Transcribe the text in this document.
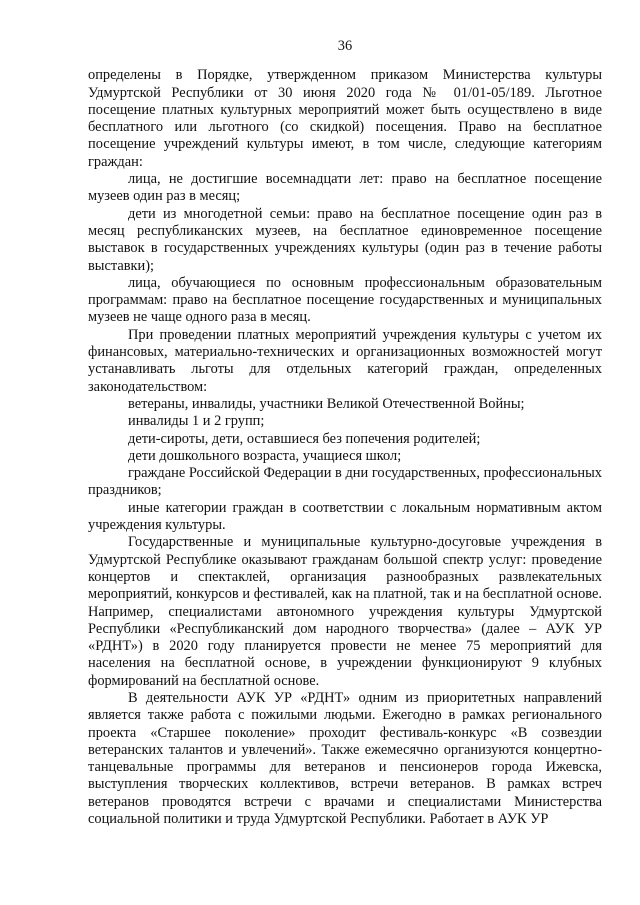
36

определены в Порядке, утвержденном приказом Министерства культуры Удмуртской Республики от 30 июня 2020 года № 01/01-05/189. Льготное посещение платных культурных мероприятий может быть осуществлено в виде бесплатного или льготного (со скидкой) посещения. Право на бесплатное посещение учреждений культуры имеют, в том числе, следующие категориям граждан:

лица, не достигшие восемнадцати лет: право на бесплатное посещение музеев один раз в месяц;

дети из многодетной семьи: право на бесплатное посещение один раз в месяц республиканских музеев, на бесплатное единовременное посещение выставок в государственных учреждениях культуры (один раз в течение работы выставки);

лица, обучающиеся по основным профессиональным образовательным программам: право на бесплатное посещение государственных и муниципальных музеев не чаще одного раза в месяц.

При проведении платных мероприятий учреждения культуры с учетом их финансовых, материально-технических и организационных возможностей могут устанавливать льготы для отдельных категорий граждан, определенных законодательством:

ветераны, инвалиды, участники Великой Отечественной Войны;

инвалиды 1 и 2 групп;

дети-сироты, дети, оставшиеся без попечения родителей;

дети дошкольного возраста, учащиеся школ;

граждане Российской Федерации в дни государственных, профессиональных праздников;

иные категории граждан в соответствии с локальным нормативным актом учреждения культуры.

Государственные и муниципальные культурно-досуговые учреждения в Удмуртской Республике оказывают гражданам большой спектр услуг: проведение концертов и спектаклей, организация разнообразных развлекательных мероприятий, конкурсов и фестивалей, как на платной, так и на бесплатной основе. Например, специалистами автономного учреждения культуры Удмуртской Республики «Республиканский дом народного творчества» (далее – АУК УР «РДНТ») в 2020 году планируется провести не менее 75 мероприятий для населения на бесплатной основе, в учреждении функционируют 9 клубных формирований на бесплатной основе.

В деятельности АУК УР «РДНТ» одним из приоритетных направлений является также работа с пожилыми людьми. Ежегодно в рамках регионального проекта «Старшее поколение» проходит фестиваль-конкурс «В созвездии ветеранских талантов и увлечений». Также ежемесячно организуются концертно-танцевальные программы для ветеранов и пенсионеров города Ижевска, выступления творческих коллективов, встречи ветеранов. В рамках встреч ветеранов проводятся встречи с врачами и специалистами Министерства социальной политики и труда Удмуртской Республики. Работает в АУК УР
